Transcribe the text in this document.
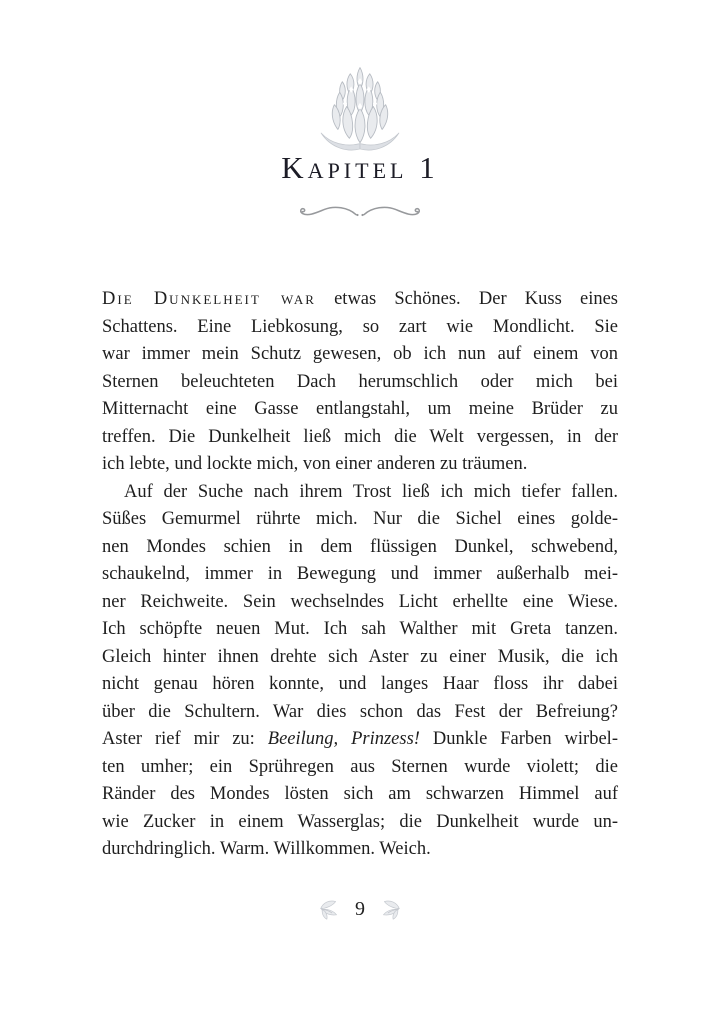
Kapitel 1
Die Dunkelheit war etwas Schönes. Der Kuss eines
Schattens. Eine Liebkosung, so zart wie Mondlicht. Sie
war immer mein Schutz gewesen, ob ich nun auf einem von
Sternen beleuchteten Dach herumschlich oder mich bei
Mitternacht eine Gasse entlangstahl, um meine Brüder zu
treffen. Die Dunkelheit ließ mich die Welt vergessen, in der
ich lebte, und lockte mich, von einer anderen zu träumen.
Auf der Suche nach ihrem Trost ließ ich mich tiefer fallen.
Süßes Gemurmel rührte mich. Nur die Sichel eines golde-
nen Mondes schien in dem flüssigen Dunkel, schwebend,
schaukelnd, immer in Bewegung und immer außerhalb mei-
ner Reichweite. Sein wechselndes Licht erhellte eine Wiese.
Ich schöpfte neuen Mut. Ich sah Walther mit Greta tanzen.
Gleich hinter ihnen drehte sich Aster zu einer Musik, die ich
nicht genau hören konnte, und langes Haar floss ihr dabei
über die Schultern. War dies schon das Fest der Befreiung?
Aster rief mir zu: Beeilung, Prinzess! Dunkle Farben wirbel-
ten umher; ein Sprühregen aus Sternen wurde violett; die
Ränder des Mondes lösten sich am schwarzen Himmel auf
wie Zucker in einem Wasserglas; die Dunkelheit wurde un-
durchdringlich. Warm. Willkommen. Weich.
9
